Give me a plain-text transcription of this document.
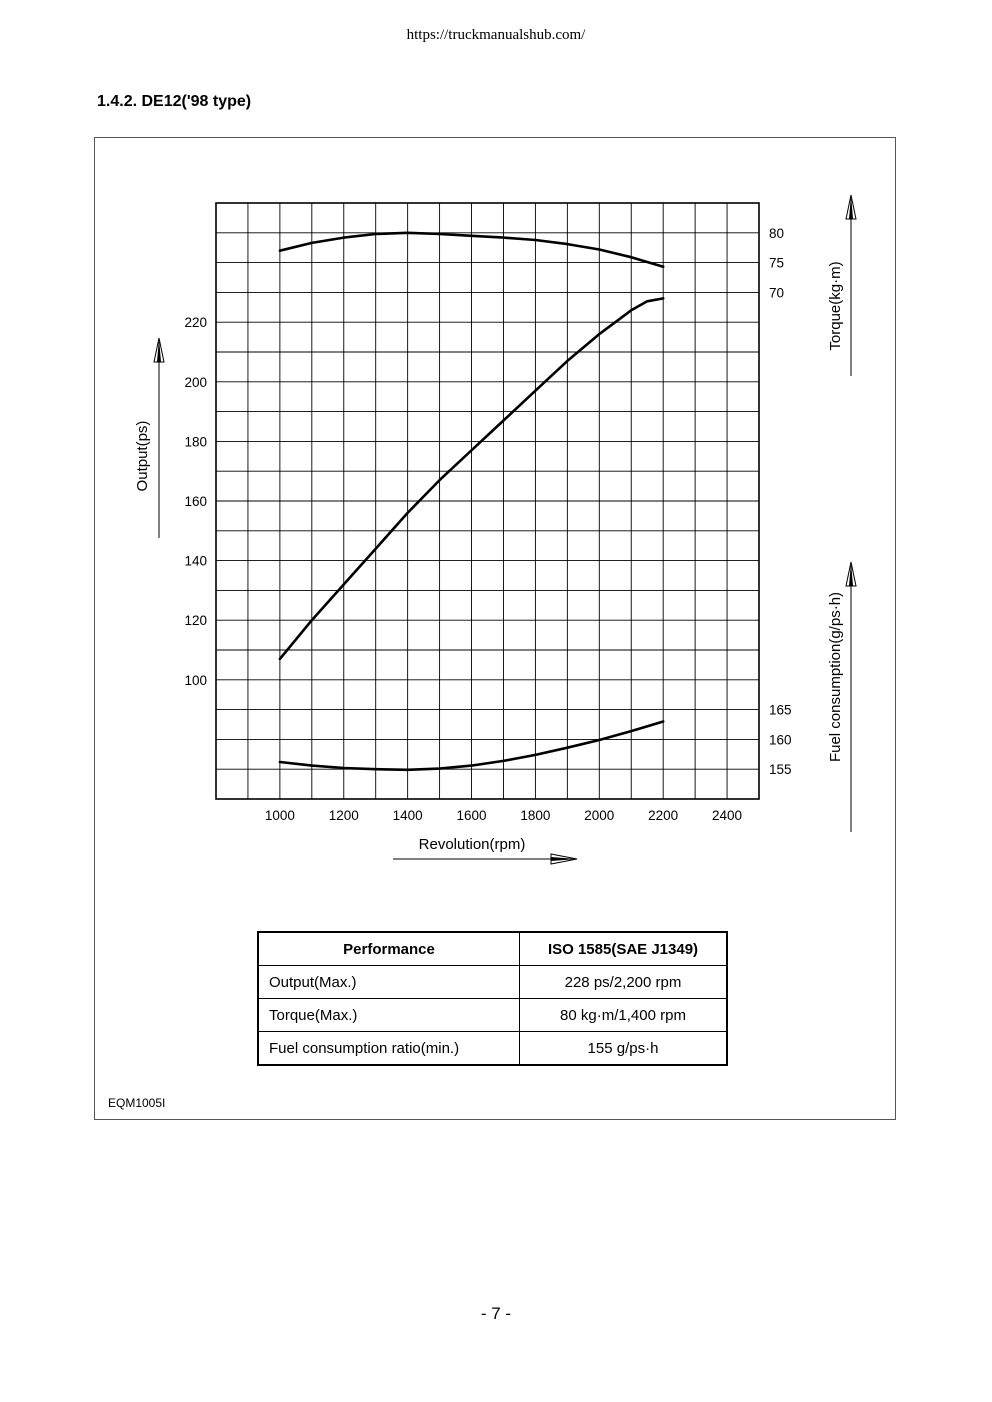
https://truckmanualshub.com/
1.4.2. DE12('98 type)
1000	1200	1400	1600	1800	2000	2200	2400
100
120
140
160
180
200
220
70
75
80
155
160
165
Output(ps)
Torque(kg·m)
Fuel consumption(g/ps·h)
Revolution(rpm)
EQM1005I
Performance	ISO 1585(SAE J1349)
Output(Max.)	228 ps/2,200 rpm
Torque(Max.)	80 kg·m/1,400 rpm
Fuel consumption ratio(min.)	155 g/ps·h
- 7 -
